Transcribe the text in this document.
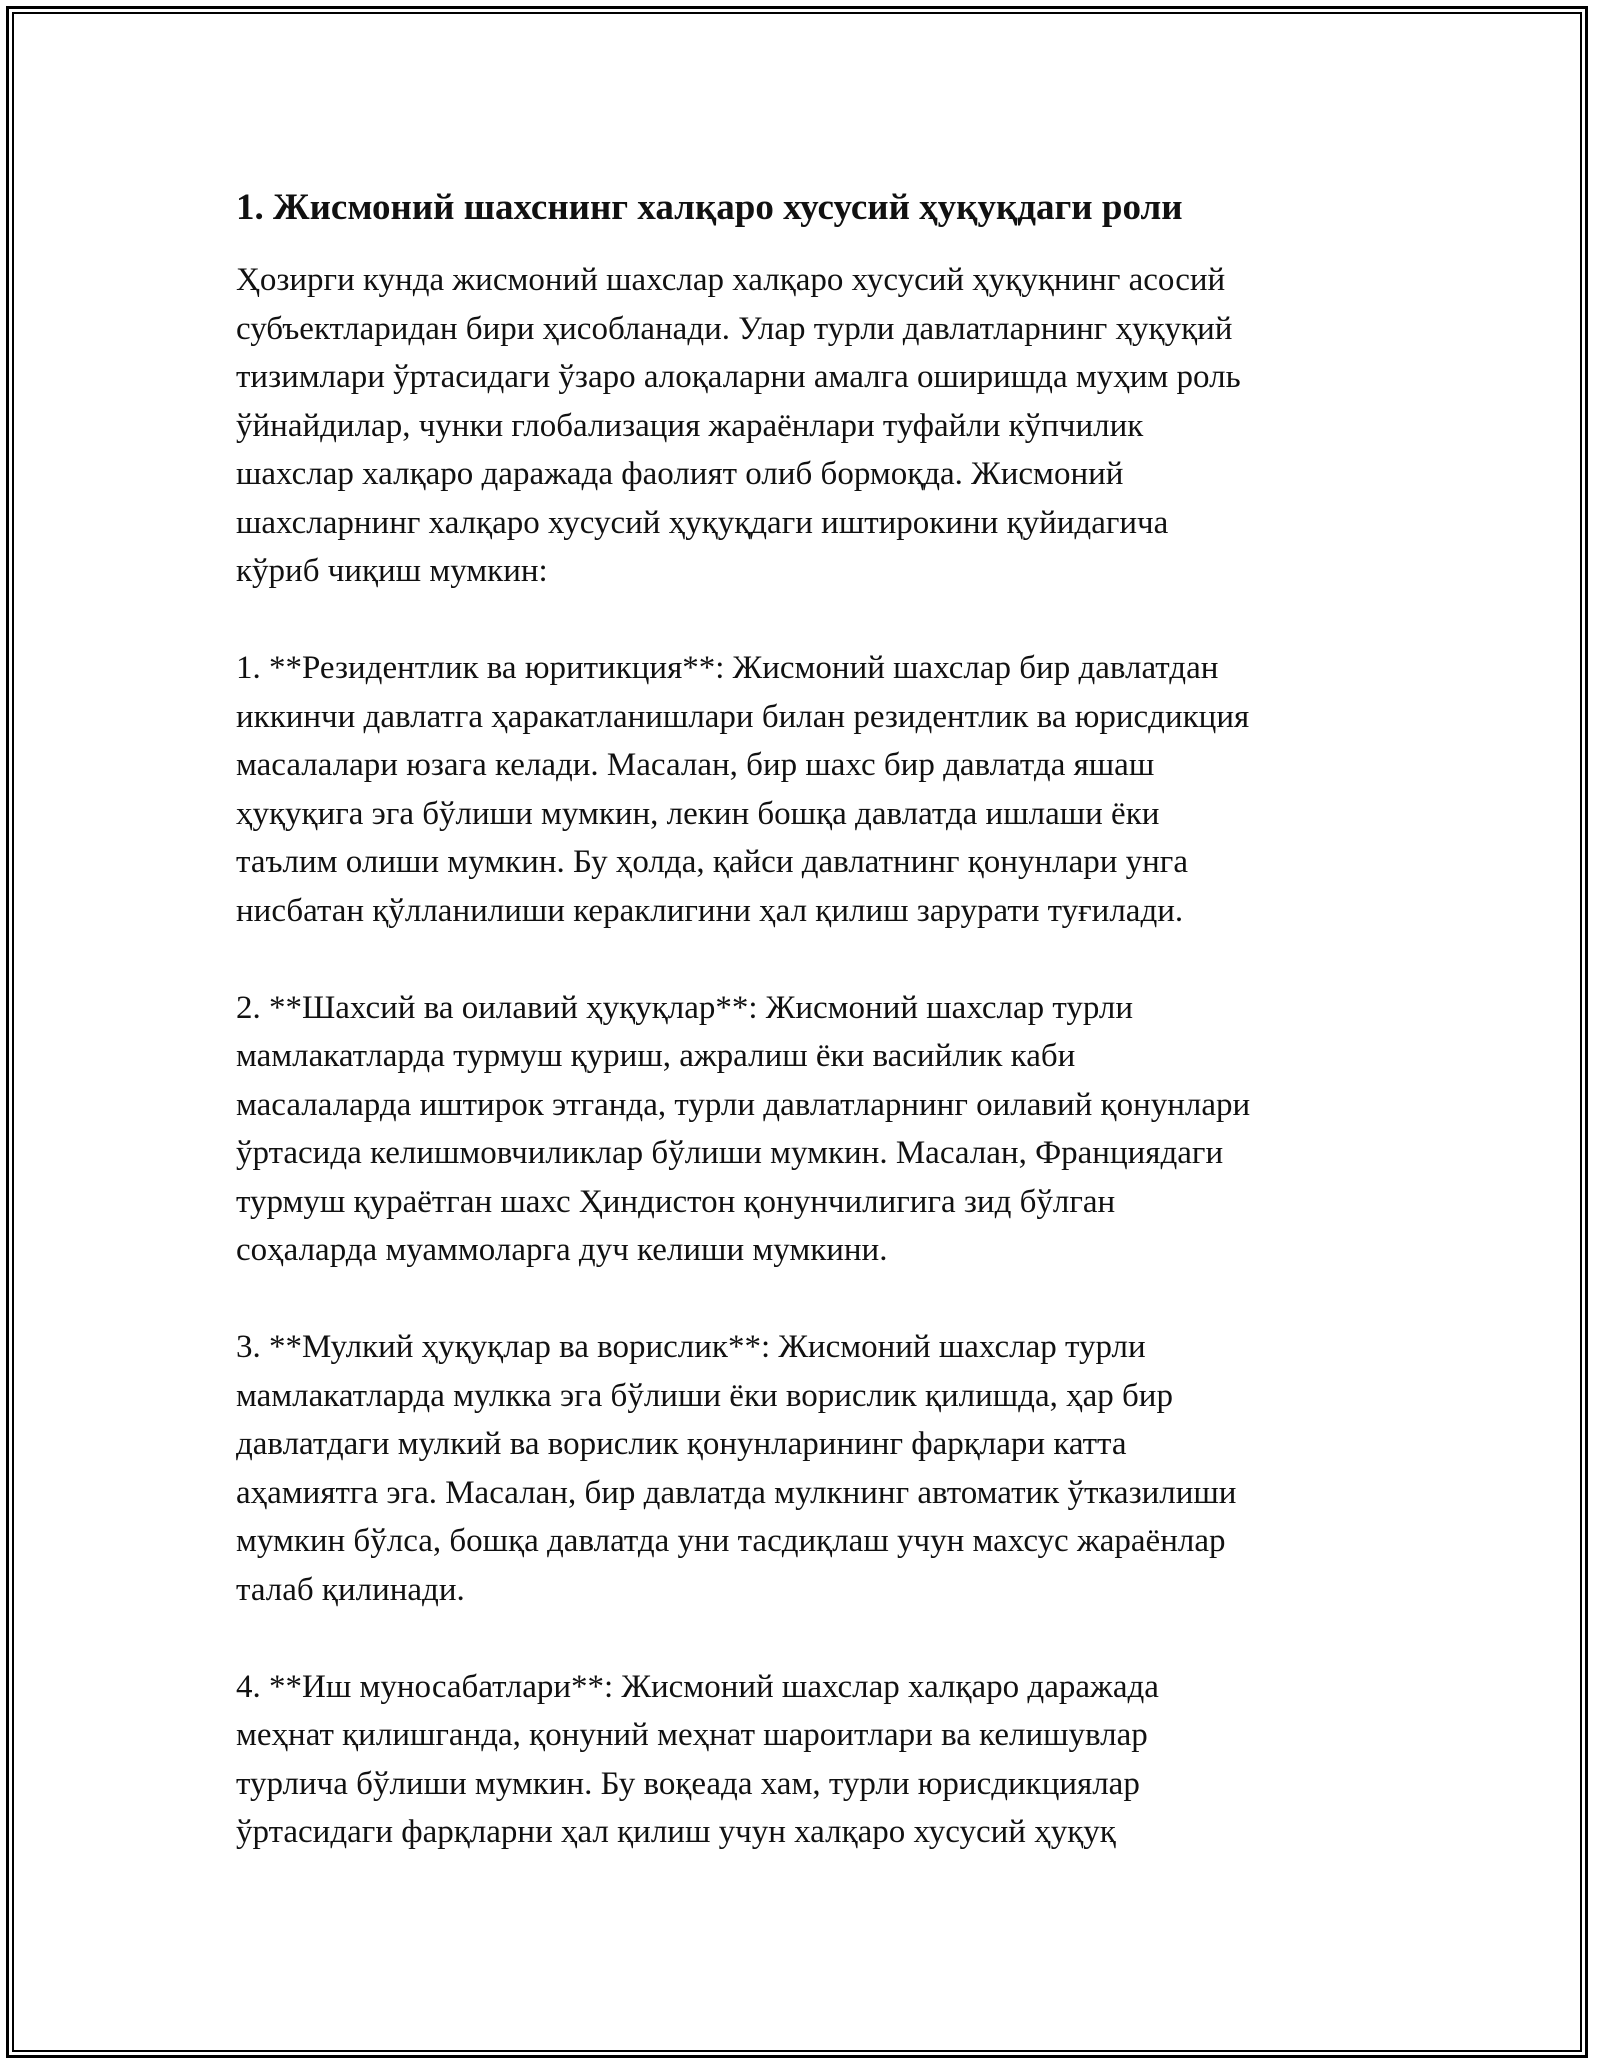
1. Жисмоний шахснинг халқаро хусусий ҳуқуқдаги роли
Ҳозирги кунда жисмоний шахслар халқаро хусусий ҳуқуқнинг асосий
субъектларидан бири ҳисобланади. Улар турли давлатларнинг ҳуқуқий
тизимлари ўртасидаги ўзаро алоқаларни амалга оширишда муҳим роль
ўйнайдилар, чунки глобализация жараёнлари туфайли кўпчилик
шахслар халқаро даражада фаолият олиб бормоқда. Жисмоний
шахсларнинг халқаро хусусий ҳуқуқдаги иштирокини қуйидагича
кўриб чиқиш мумкин:
1. **Резидентлик ва юритикция**: Жисмоний шахслар бир давлатдан
иккинчи давлатга ҳаракатланишлари билан резидентлик ва юрисдикция
масалалари юзага келади. Масалан, бир шахс бир давлатда яшаш
ҳуқуқига эга бўлиши мумкин, лекин бошқа давлатда ишлаши ёки
таълим олиши мумкин. Бу ҳолда, қайси давлатнинг қонунлари унга
нисбатан қўлланилиши кераклигини ҳал қилиш зарурати туғилади.
2. **Шахсий ва оилавий ҳуқуқлар**: Жисмоний шахслар турли
мамлакатларда турмуш қуриш, ажралиш ёки васийлик каби
масалаларда иштирок этганда, турли давлатларнинг оилавий қонунлари
ўртасида келишмовчиликлар бўлиши мумкин. Масалан, Франциядаги
турмуш қураётган шахс Ҳиндистон қонунчилигига зид бўлган
соҳаларда муаммоларга дуч келиши мумкини.
3. **Мулкий ҳуқуқлар ва ворислик**: Жисмоний шахслар турли
мамлакатларда мулкка эга бўлиши ёки ворислик қилишда, ҳар бир
давлатдаги мулкий ва ворислик қонунларининг фарқлари катта
аҳамиятга эга. Масалан, бир давлатда мулкнинг автоматик ўтказилиши
мумкин бўлса, бошқа давлатда уни тасдиқлаш учун махсус жараёнлар
талаб қилинади.
4. **Иш муносабатлари**: Жисмоний шахслар халқаро даражада
меҳнат қилишганда, қонуний меҳнат шароитлари ва келишувлар
турлича бўлиши мумкин. Бу воқеада хам, турли юрисдикциялар
ўртасидаги фарқларни ҳал қилиш учун халқаро хусусий ҳуқуқ
